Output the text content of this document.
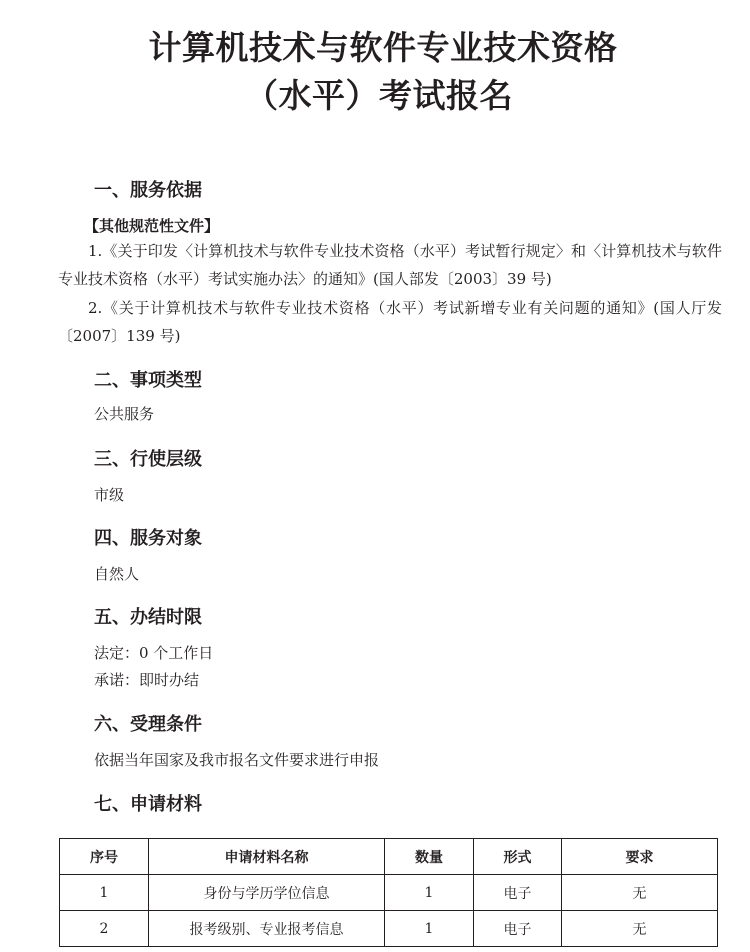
计算机技术与软件专业技术资格
（水平）考试报名
一、服务依据
【其他规范性文件】
1.《关于印发〈计算机技术与软件专业技术资格（水平）考试暂行规定〉和〈计算机技术与软件专业技术资格（水平）考试实施办法〉的通知》(国人部发〔2003〕39 号)
2.《关于计算机技术与软件专业技术资格（水平）考试新增专业有关问题的通知》(国人厅发〔2007〕139 号)
二、事项类型
公共服务
三、行使层级
市级
四、服务对象
自然人
五、办结时限
法定：0 个工作日
承诺：即时办结
六、受理条件
依据当年国家及我市报名文件要求进行申报
七、申请材料
序号	申请材料名称	数量	形式	要求
1	身份与学历学位信息	1	电子	无
2	报考级别、专业报考信息	1	电子	无
